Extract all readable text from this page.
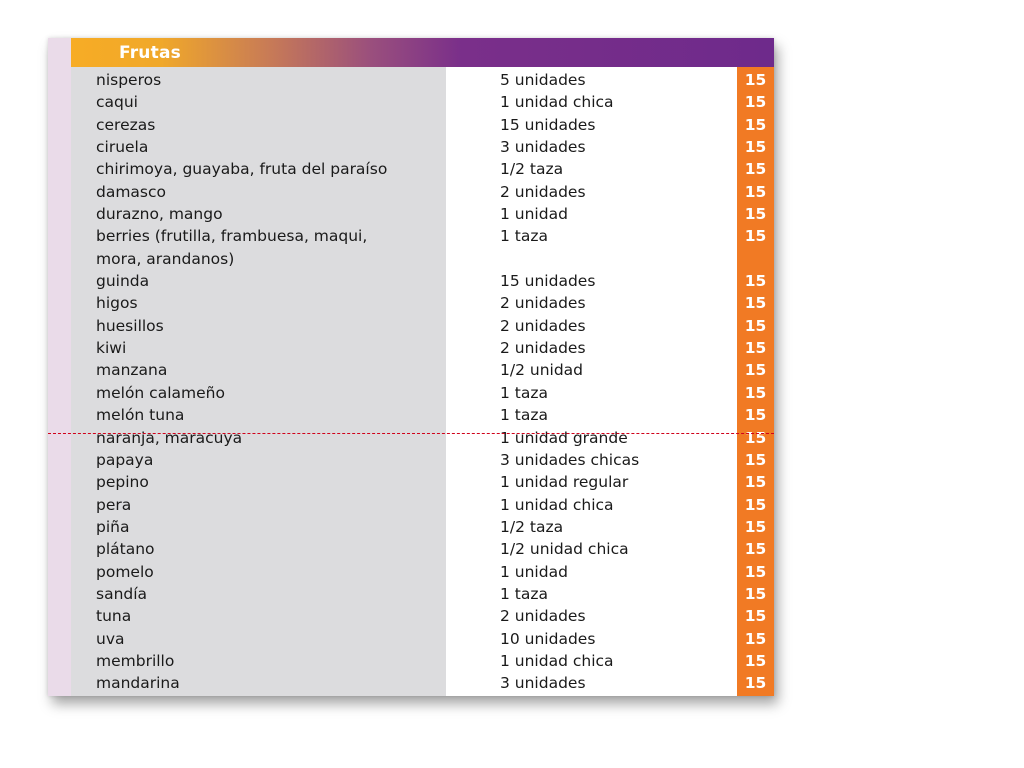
Frutas
nisperos	5 unidades	15
caqui	1 unidad chica	15
cerezas	15 unidades	15
ciruela	3 unidades	15
chirimoya, guayaba, fruta del paraíso	1/2 taza	15
damasco	2 unidades	15
durazno, mango	1 unidad	15
berries (frutilla, frambuesa, maqui,
mora, arandanos)
1 taza	15
guinda	15 unidades	15
higos	2 unidades	15
huesillos	2 unidades	15
kiwi	2 unidades	15
manzana	1/2 unidad	15
melón calameño	1 taza	15
melón tuna	1 taza	15
naranja, maracuya	1 unidad grande	15
papaya	3 unidades chicas	15
pepino	1 unidad regular	15
pera	1 unidad chica	15
piña	1/2 taza	15
plátano	1/2 unidad chica	15
pomelo	1 unidad	15
sandía	1 taza	15
tuna	2 unidades	15
uva	10 unidades	15
membrillo	1 unidad chica	15
mandarina	3 unidades	15
